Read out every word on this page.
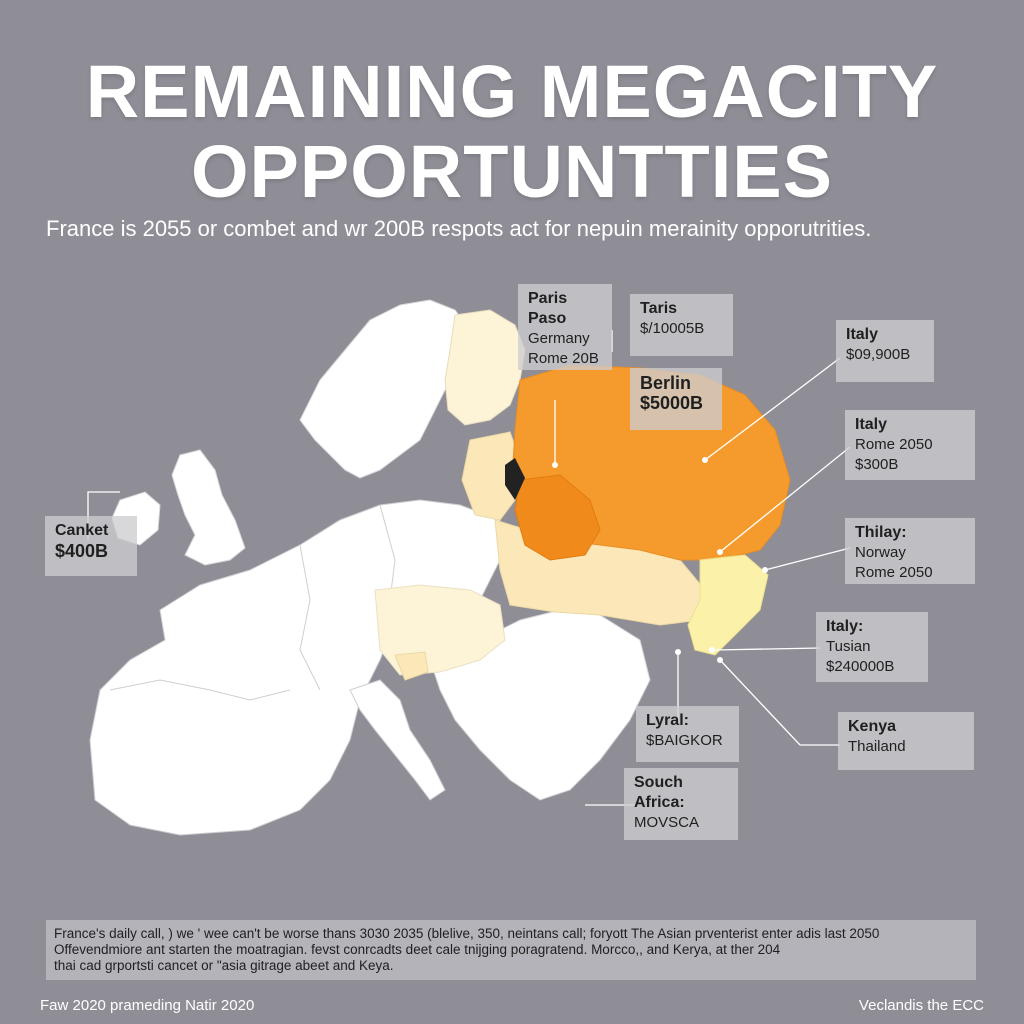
REMAINING MEGACITY
OPPORTUNTTIES
France is 2055 or combet and wr 200B respots act for nepuin merainity opporutrities.
Paris
Paso
Germany
Rome 20B
Taris
$/10005B
Berlin
$5000B
Italy
$09,900B
Italy
Rome 2050
$300B
Canket
$400B
Thilay:
Norway
Rome 2050
Italy:
Tusian
$240000B
Lyral:
$BAIGKOR
Kenya
Thailand
Souch
Africa:
MOVSCA
France's daily call, ) we ' wee can't be worse thans 3030 2035 (blelive, 350, neintans call; foryott The Asian prventerist enter adis last 2050
Offevendmiore ant starten the moatragian. fevst conrcadts deet cale tnijging poragratend. Morcco,, and Kerya, at ther 204
thai cad grportsti cancet or "asia gitrage abeet and Keya.
Faw 2020 prameding Natir 2020	Veclandis the ECC
